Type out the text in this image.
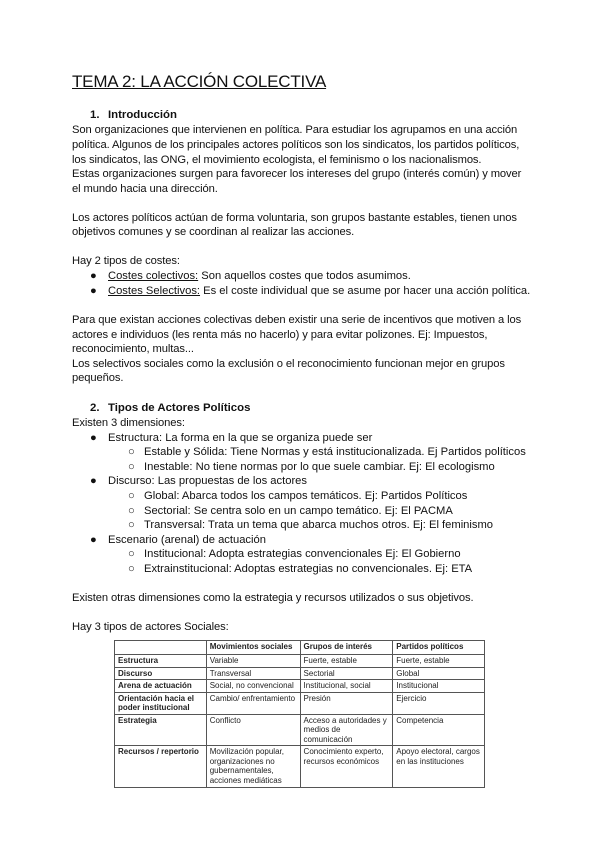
TEMA 2: LA ACCIÓN COLECTIVA

1. Introducción

Son organizaciones que intervienen en política. Para estudiar los agrupamos en una acción

política. Algunos de los principales actores políticos son los sindicatos, los partidos políticos,

los sindicatos, las ONG, el movimiento ecologista, el feminismo o los nacionalismos.

Estas organizaciones surgen para favorecer los intereses del grupo (interés común) y mover

el mundo hacia una dirección.

Los actores políticos actúan de forma voluntaria, son grupos bastante estables, tienen unos

objetivos comunes y se coordinan al realizar las acciones.

Hay 2 tipos de costes:

●	Costes colectivos: Son aquellos costes que todos asumimos.

●	Costes Selectivos: Es el coste individual que se asume por hacer una acción política.

Para que existan acciones colectivas deben existir una serie de incentivos que motiven a los

actores e individuos (les renta más no hacerlo) y para evitar polizones. Ej: Impuestos,

reconocimiento, multas...

Los selectivos sociales como la exclusión o el reconocimiento funcionan mejor en grupos

pequeños.

2. Tipos de Actores Políticos

Existen 3 dimensiones:

●	Estructura: La forma en la que se organiza puede ser

○ Estable y Sólida: Tiene Normas y está institucionalizada. Ej Partidos políticos

○ Inestable: No tiene normas por lo que suele cambiar. Ej: El ecologismo

●	Discurso: Las propuestas de los actores

○ Global: Abarca todos los campos temáticos. Ej: Partidos Políticos

○ Sectorial: Se centra solo en un campo temático. Ej: El PACMA

○ Transversal: Trata un tema que abarca muchos otros. Ej: El feminismo

●	Escenario (arenal) de actuación

○ Institucional: Adopta estrategias convencionales Ej: El Gobierno

○ Extrainstitucional: Adoptas estrategias no convencionales. Ej: ETA

Existen otras dimensiones como la estrategia y recursos utilizados o sus objetivos.

Hay 3 tipos de actores Sociales:

	Movimientos sociales	Grupos de interés	Partidos políticos
Estructura	Variable	Fuerte, estable	Fuerte, estable
Discurso	Transversal	Sectorial	Global
Arena de actuación	Social, no convencional	Institucional, social	Institucional
Orientación hacia el poder institucional	Cambio/ enfrentamiento	Presión	Ejercicio
Estrategia	Conflicto	Acceso a autoridades y medios de comunicación	Competencia
Recursos / repertorio	Movilización popular, organizaciones no gubernamentales, acciones mediáticas	Conocimiento experto, recursos económicos	Apoyo electoral, cargos en las instituciones
